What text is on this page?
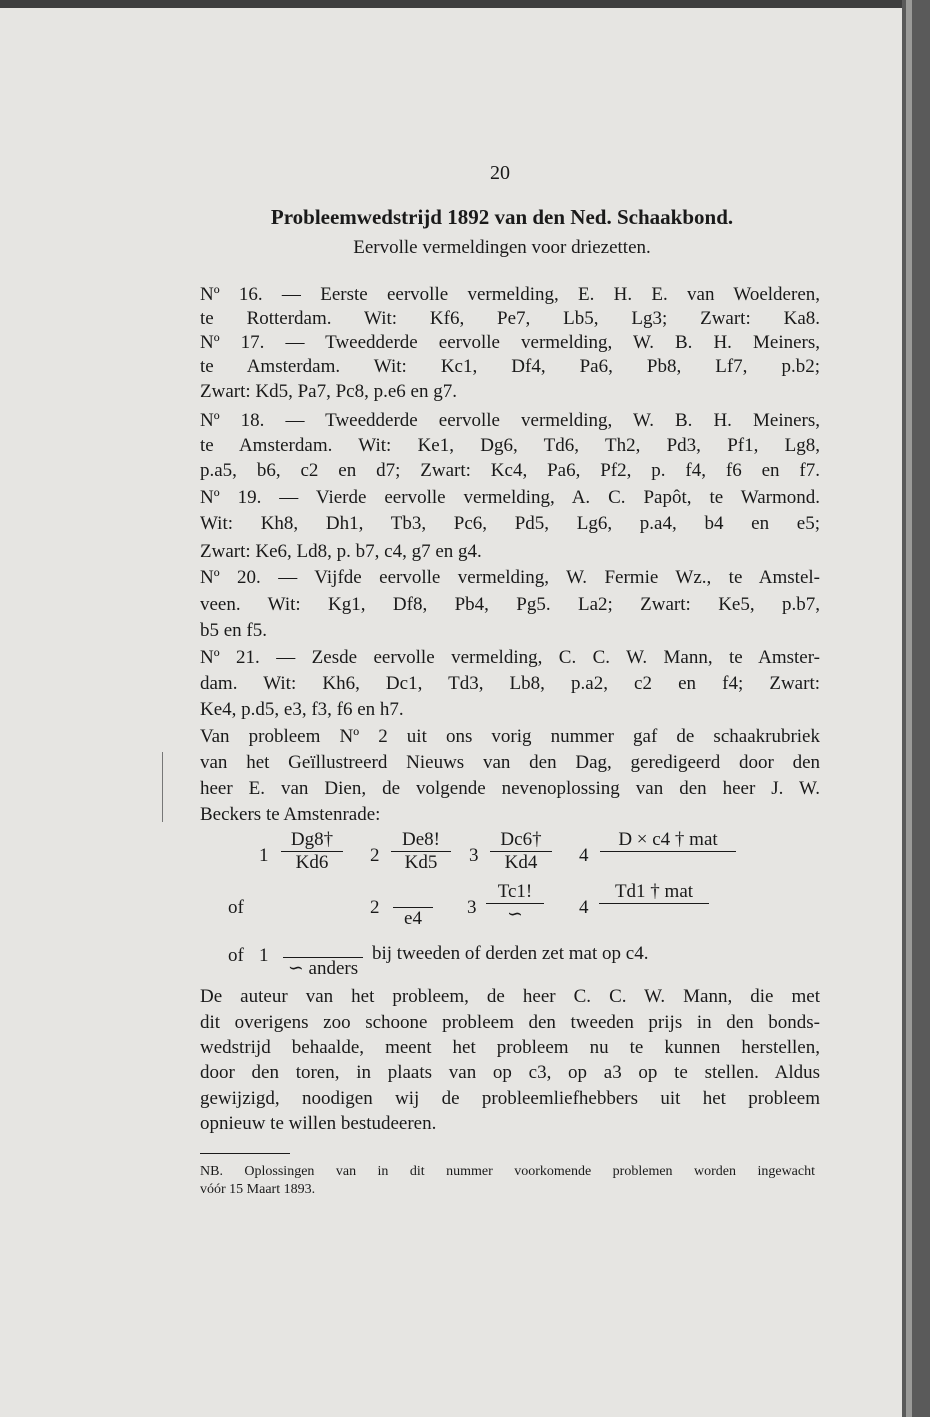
20
Probleemwedstrijd 1892 van den Ned. Schaakbond.
Eervolle vermeldingen voor driezetten.
Nº 16. — Eerste eervolle vermelding, E. H. E. van Woelderen,
te Rotterdam. Wit: Kf6, Pe7, Lb5, Lg3; Zwart: Ka8.
Nº 17. — Tweedderde eervolle vermelding, W. B. H. Meiners,
te Amsterdam. Wit: Kc1, Df4, Pa6, Pb8, Lf7, p.b2;
Zwart: Kd5, Pa7, Pc8, p.e6 en g7.
Nº 18. — Tweedderde eervolle vermelding, W. B. H. Meiners,
te Amsterdam. Wit: Ke1, Dg6, Td6, Th2, Pd3, Pf1, Lg8,
p.a5, b6, c2 en d7; Zwart: Kc4, Pa6, Pf2, p. f4, f6 en f7.
Nº 19. — Vierde eervolle vermelding, A. C. Papôt, te Warmond.
Wit: Kh8, Dh1, Tb3, Pc6, Pd5, Lg6, p.a4, b4 en e5;
Zwart: Ke6, Ld8, p. b7, c4, g7 en g4.
Nº 20. — Vijfde eervolle vermelding, W. Fermie Wz., te Amstel-
veen. Wit: Kg1, Df8, Pb4, Pg5. La2; Zwart: Ke5, p.b7,
b5 en f5.
Nº 21. — Zesde eervolle vermelding, C. C. W. Mann, te Amster-
dam. Wit: Kh6, Dc1, Td3, Lb8, p.a2, c2 en f4; Zwart:
Ke4, p.d5, e3, f3, f6 en h7.
Van probleem Nº 2 uit ons vorig nummer gaf de schaakrubriek
van het Geïllustreerd Nieuws van den Dag, geredigeerd door den
heer E. van Dien, de volgende nevenoplossing van den heer J. W.
Beckers te Amstenrade:
$1 \frac{Dg8\dagger}{Kd6} 2 \frac{De8!}{Kd5} 3 \frac{Dc6\dagger}{Kd4} 4$
D × c4 † mat
of	2
e4
3
Tc1!
∽	4
Td1 † mat
of 1
∽ anders
bij tweeden of derden zet mat op c4.
De auteur van het probleem, de heer C. C. W. Mann, die met
dit overigens zoo schoone probleem den tweeden prijs in den bonds-
wedstrijd behaalde, meent het probleem nu te kunnen herstellen,
door den toren, in plaats van op c3, op a3 op te stellen. Aldus
gewijzigd, noodigen wij de probleemliefhebbers uit het probleem
opnieuw te willen bestudeeren.
NB. Oplossingen van in dit nummer voorkomende problemen worden ingewacht
vóór 15 Maart 1893.
